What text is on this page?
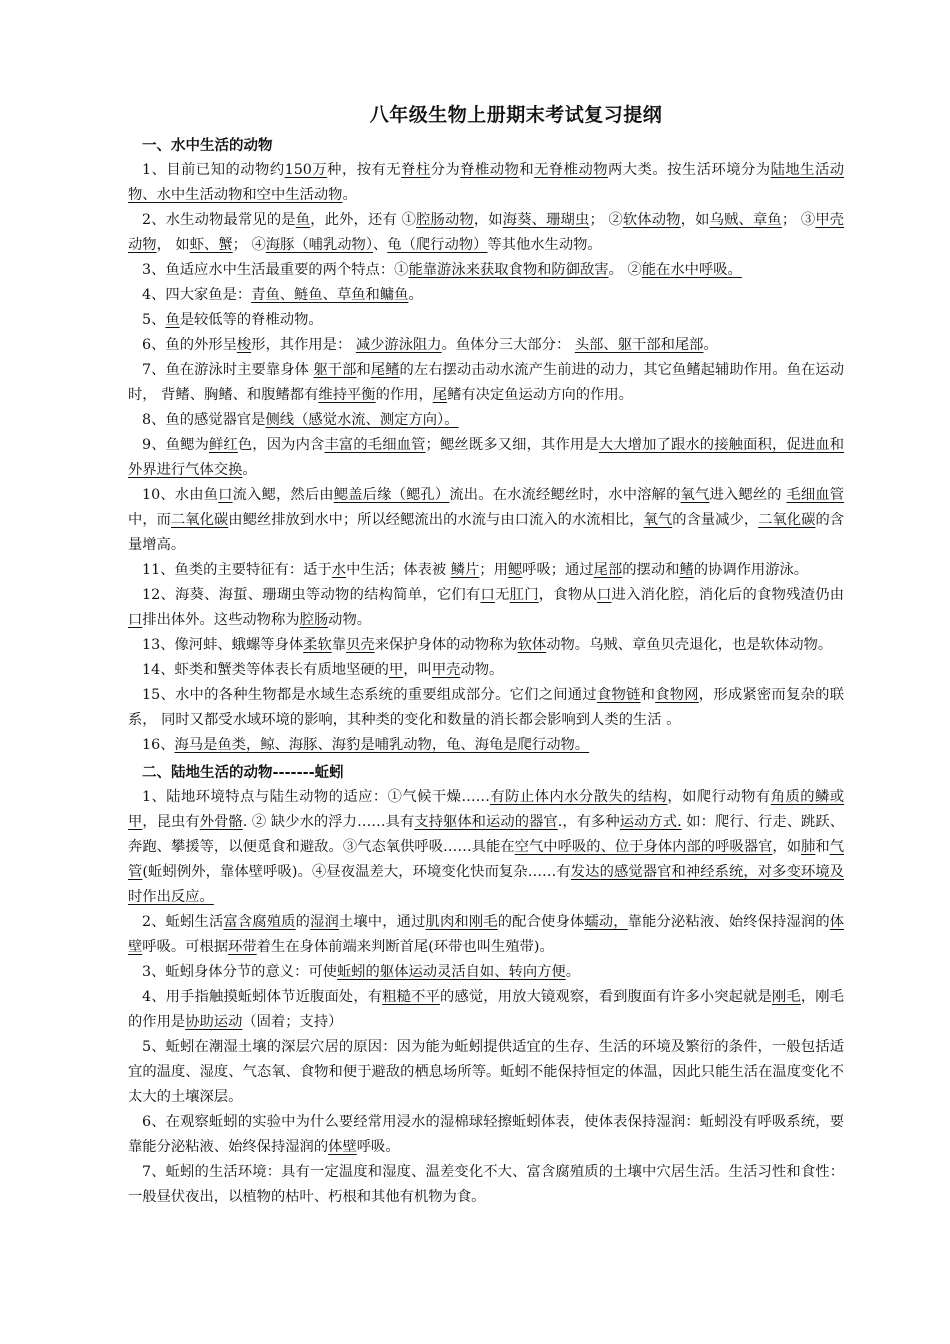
八年级生物上册期末考试复习提纲
一、水中生活的动物

1、目前已知的动物约150万种，按有无脊柱分为脊椎动物和无脊椎动物两大类。按生活环境分为陆地生活动物、水中生活动物和空中生活动物。

2、水生动物最常见的是鱼，此外，还有 ①腔肠动物，如海葵、珊瑚虫； ②软体动物，如乌贼、章鱼； ③甲壳动物， 如虾、蟹； ④海豚（哺乳动物）、龟（爬行动物）等其他水生动物。

3、鱼适应水中生活最重要的两个特点：①能靠游泳来获取食物和防御敌害。 ②能在水中呼吸。

4、四大家鱼是：青鱼、鲢鱼、草鱼和鳙鱼。

5、鱼是较低等的脊椎动物。

6、鱼的外形呈梭形，其作用是： 减少游泳阻力。鱼体分三大部分： 头部、躯干部和尾部。

7、鱼在游泳时主要靠身体 躯干部和尾鳍的左右摆动击动水流产生前进的动力，其它鱼鳍起辅助作用。鱼在运动时， 背鳍、胸鳍、和腹鳍都有维持平衡的作用，尾鳍有决定鱼运动方向的作用。

8、鱼的感觉器官是侧线（感觉水流、测定方向）。

9、鱼鳃为鲜红色，因为内含丰富的毛细血管；鳃丝既多又细，其作用是大大增加了跟水的接触面积，促进血和外界进行气体交换。

10、水由鱼口流入鳃，然后由鳃盖后缘（鳃孔）流出。在水流经鳃丝时，水中溶解的氧气进入鳃丝的 毛细血管中，而二氧化碳由鳃丝排放到水中；所以经鳃流出的水流与由口流入的水流相比，氧气的含量减少，二氧化碳的含量增高。

11、鱼类的主要特征有：适于水中生活；体表被 鳞片；用鳃呼吸；通过尾部的摆动和鳍的协调作用游泳。

12、海葵、海蜇、珊瑚虫等动物的结构简单，它们有口无肛门，食物从口进入消化腔，消化后的食物残渣仍由口排出体外。这些动物称为腔肠动物。

13、像河蚌、蛾螺等身体柔软靠贝壳来保护身体的动物称为软体动物。乌贼、章鱼贝壳退化，也是软体动物。

14、虾类和蟹类等体表长有质地坚硬的甲，叫甲壳动物。

15、水中的各种生物都是水域生态系统的重要组成部分。它们之间通过食物链和食物网，形成紧密而复杂的联系， 同时又都受水域环境的影响，其种类的变化和数量的消长都会影响到人类的生活 。

16、海马是鱼类，鲸、海豚、海豹是哺乳动物，龟、海龟是爬行动物。

二、陆地生活的动物-------蚯蚓

1、陆地环境特点与陆生动物的适应：①气候干燥……有防止体内水分散失的结构，如爬行动物有角质的鳞或甲，昆虫有外骨骼. ② 缺少水的浮力……具有支持躯体和运动的器官.，有多种运动方式. 如：爬行、行走、跳跃、奔跑、攀援等，以便觅食和避敌。③气态氧供呼吸……具能在空气中呼吸的、位于身体内部的呼吸器官，如肺和气管(蚯蚓例外，靠体壁呼吸)。④昼夜温差大，环境变化快而复杂……有发达的感觉器官和神经系统，对多变环境及时作出反应。

2、蚯蚓生活富含腐殖质的湿润土壤中，通过肌肉和刚毛的配合使身体蠕动，靠能分泌粘液、始终保持湿润的体壁呼吸。可根据环带着生在身体前端来判断首尾(环带也叫生殖带)。

3、蚯蚓身体分节的意义：可使蚯蚓的躯体运动灵活自如、转向方便。

4、用手指触摸蚯蚓体节近腹面处，有粗糙不平的感觉，用放大镜观察，看到腹面有许多小突起就是刚毛，刚毛的作用是协助运动（固着；支持）

5、蚯蚓在潮湿土壤的深层穴居的原因：因为能为蚯蚓提供适宜的生存、生活的环境及繁衍的条件，一般包括适宜的温度、湿度、气态氧、食物和便于避敌的栖息场所等。蚯蚓不能保持恒定的体温，因此只能生活在温度变化不太大的土壤深层。

6、在观察蚯蚓的实验中为什么要经常用浸水的湿棉球轻擦蚯蚓体表，使体表保持湿润：蚯蚓没有呼吸系统，要靠能分泌粘液、始终保持湿润的体壁呼吸。

7、蚯蚓的生活环境：具有一定温度和湿度、温差变化不大、富含腐殖质的土壤中穴居生活。生活习性和食性：一般昼伏夜出，以植物的枯叶、朽根和其他有机物为食。
